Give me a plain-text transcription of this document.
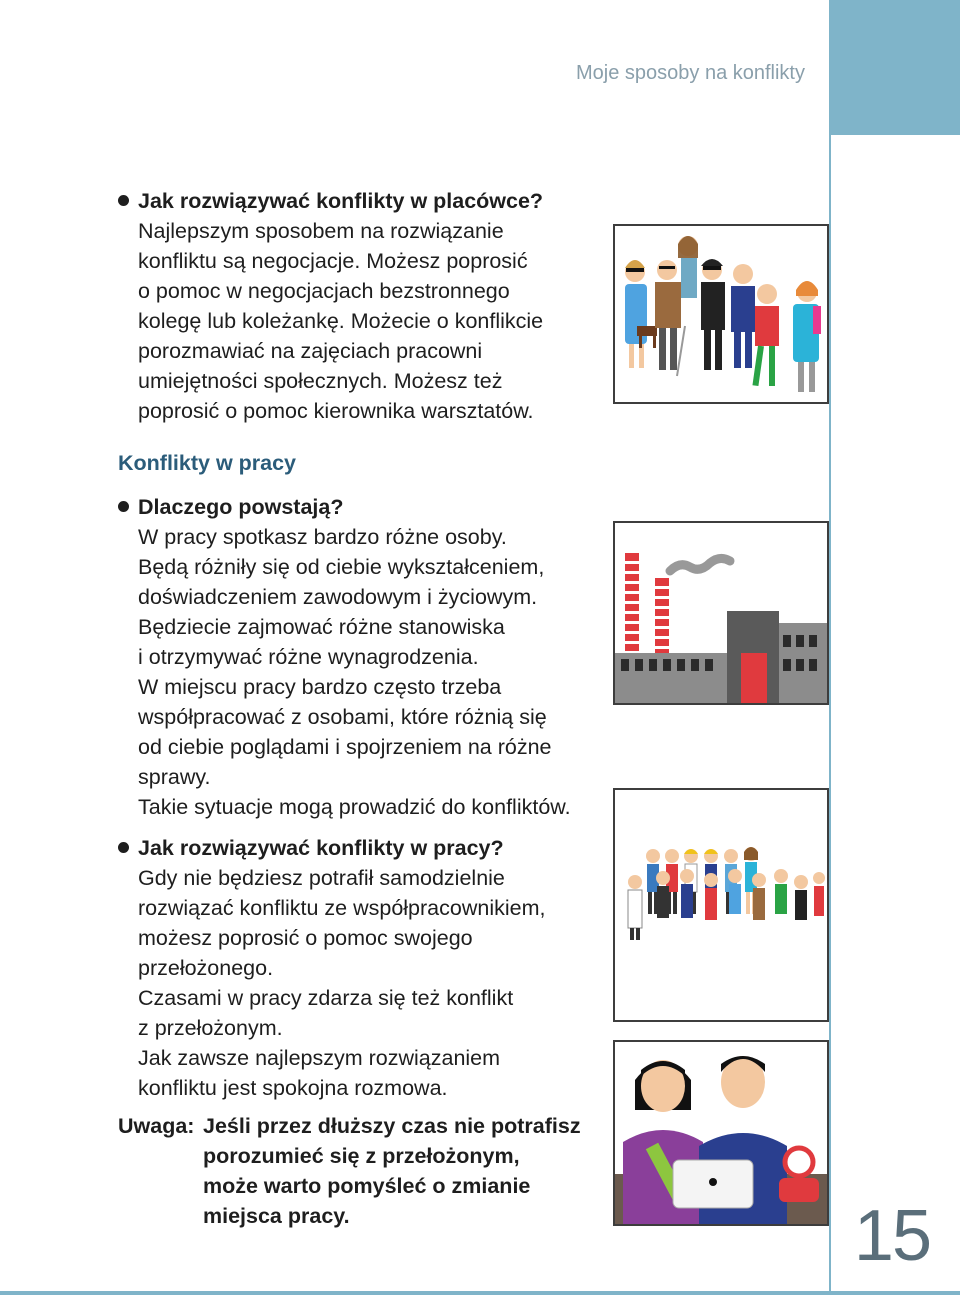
Moje sposoby na konflikty
Jak rozwiązywać konflikty w placówce?
Najlepszym sposobem na rozwiązanie
konfliktu są negocjacje. Możesz poprosić
o pomoc w negocjacjach bezstronnego
kolegę lub koleżankę. Możecie o konflikcie
porozmawiać na zajęciach pracowni
umiejętności społecznych. Możesz też
poprosić o pomoc kierownika warsztatów.
Konflikty w pracy
Dlaczego powstają?
W pracy spotkasz bardzo różne osoby.
Będą różniły się od ciebie wykształceniem,
doświadczeniem zawodowym i życiowym.
Będziecie zajmować różne stanowiska
i otrzymywać różne wynagrodzenia.
W miejscu pracy bardzo często trzeba
współpracować z osobami, które różnią się
od ciebie poglądami i spojrzeniem na różne
sprawy.
Takie sytuacje mogą prowadzić do konfliktów.
Jak rozwiązywać konflikty w pracy?
Gdy nie będziesz potrafił samodzielnie
rozwiązać konfliktu ze współpracownikiem,
możesz poprosić o pomoc swojego
przełożonego.
Czasami w pracy zdarza się też konflikt
z przełożonym.
Jak zawsze najlepszym rozwiązaniem
konfliktu jest spokojna rozmowa.
Uwaga: Jeśli przez dłuższy czas nie potrafisz
porozumieć się z przełożonym,
może warto pomyśleć o zmianie
miejsca pracy.	15
